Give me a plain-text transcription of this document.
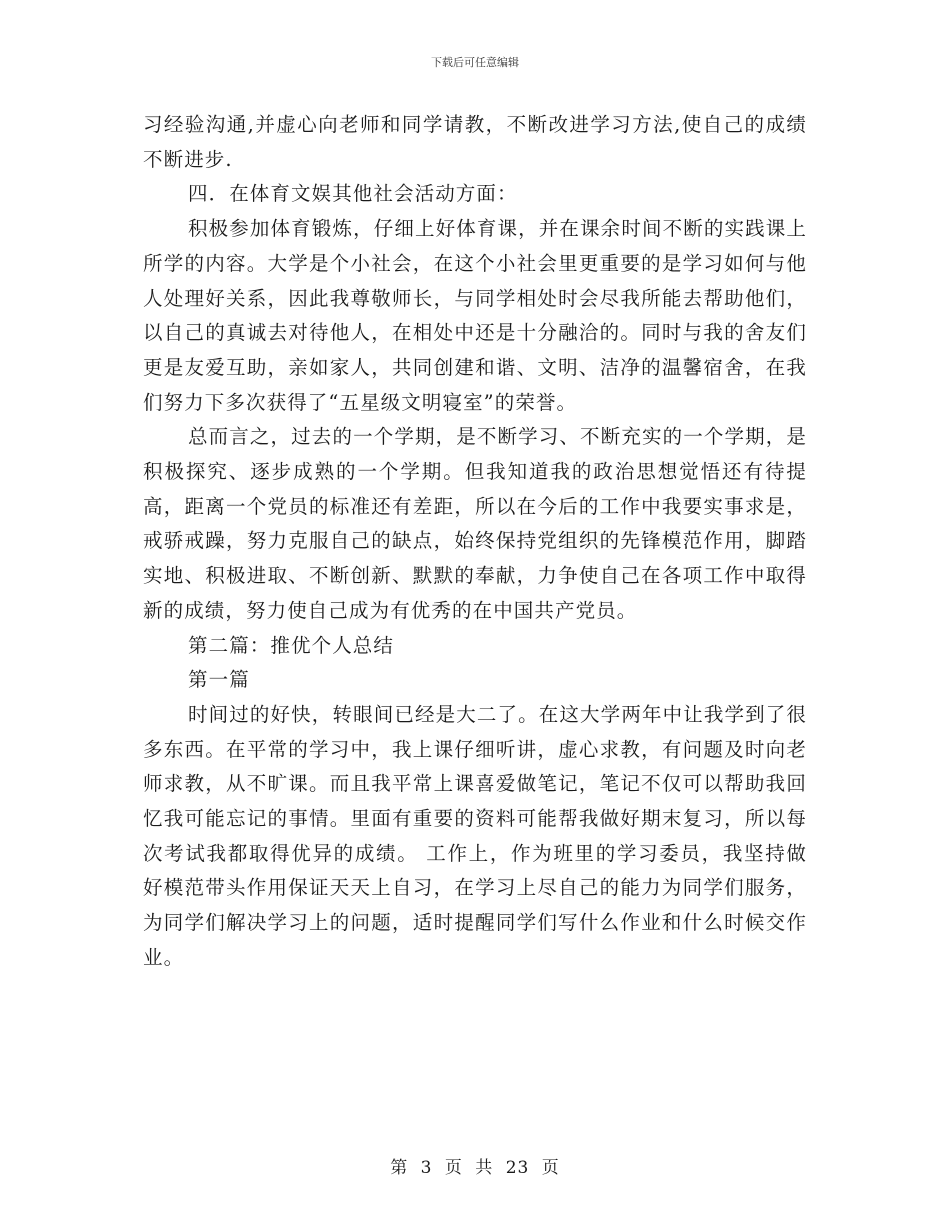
下载后可任意编辑

习经验沟通,并虚心向老师和同学请教，不断改进学习方法,使自己的成绩不断进步.

四．在体育文娱其他社会活动方面：

积极参加体育锻炼，仔细上好体育课，并在课余时间不断的实践课上所学的内容。大学是个小社会，在这个小社会里更重要的是学习如何与他人处理好关系，因此我尊敬师长，与同学相处时会尽我所能去帮助他们，以自己的真诚去对待他人，在相处中还是十分融洽的。同时与我的舍友们更是友爱互助，亲如家人，共同创建和谐、文明、洁净的温馨宿舍，在我们努力下多次获得了“五星级文明寝室”的荣誉。

总而言之，过去的一个学期，是不断学习、不断充实的一个学期，是积极探究、逐步成熟的一个学期。但我知道我的政治思想觉悟还有待提高，距离一个党员的标准还有差距，所以在今后的工作中我要实事求是，戒骄戒躁，努力克服自己的缺点，始终保持党组织的先锋模范作用，脚踏实地、积极进取、不断创新、默默的奉献，力争使自己在各项工作中取得新的成绩，努力使自己成为有优秀的在中国共产党员。

第二篇：推优个人总结

第一篇

时间过的好快，转眼间已经是大二了。在这大学两年中让我学到了很多东西。在平常的学习中，我上课仔细听讲，虚心求教，有问题及时向老师求教，从不旷课。而且我平常上课喜爱做笔记，笔记不仅可以帮助我回忆我可能忘记的事情。里面有重要的资料可能帮我做好期末复习，所以每次考试我都取得优异的成绩。 工作上，作为班里的学习委员，我坚持做好模范带头作用保证天天上自习，在学习上尽自己的能力为同学们服务，为同学们解决学习上的问题，适时提醒同学们写什么作业和什么时候交作业。

第 3 页 共 23 页
